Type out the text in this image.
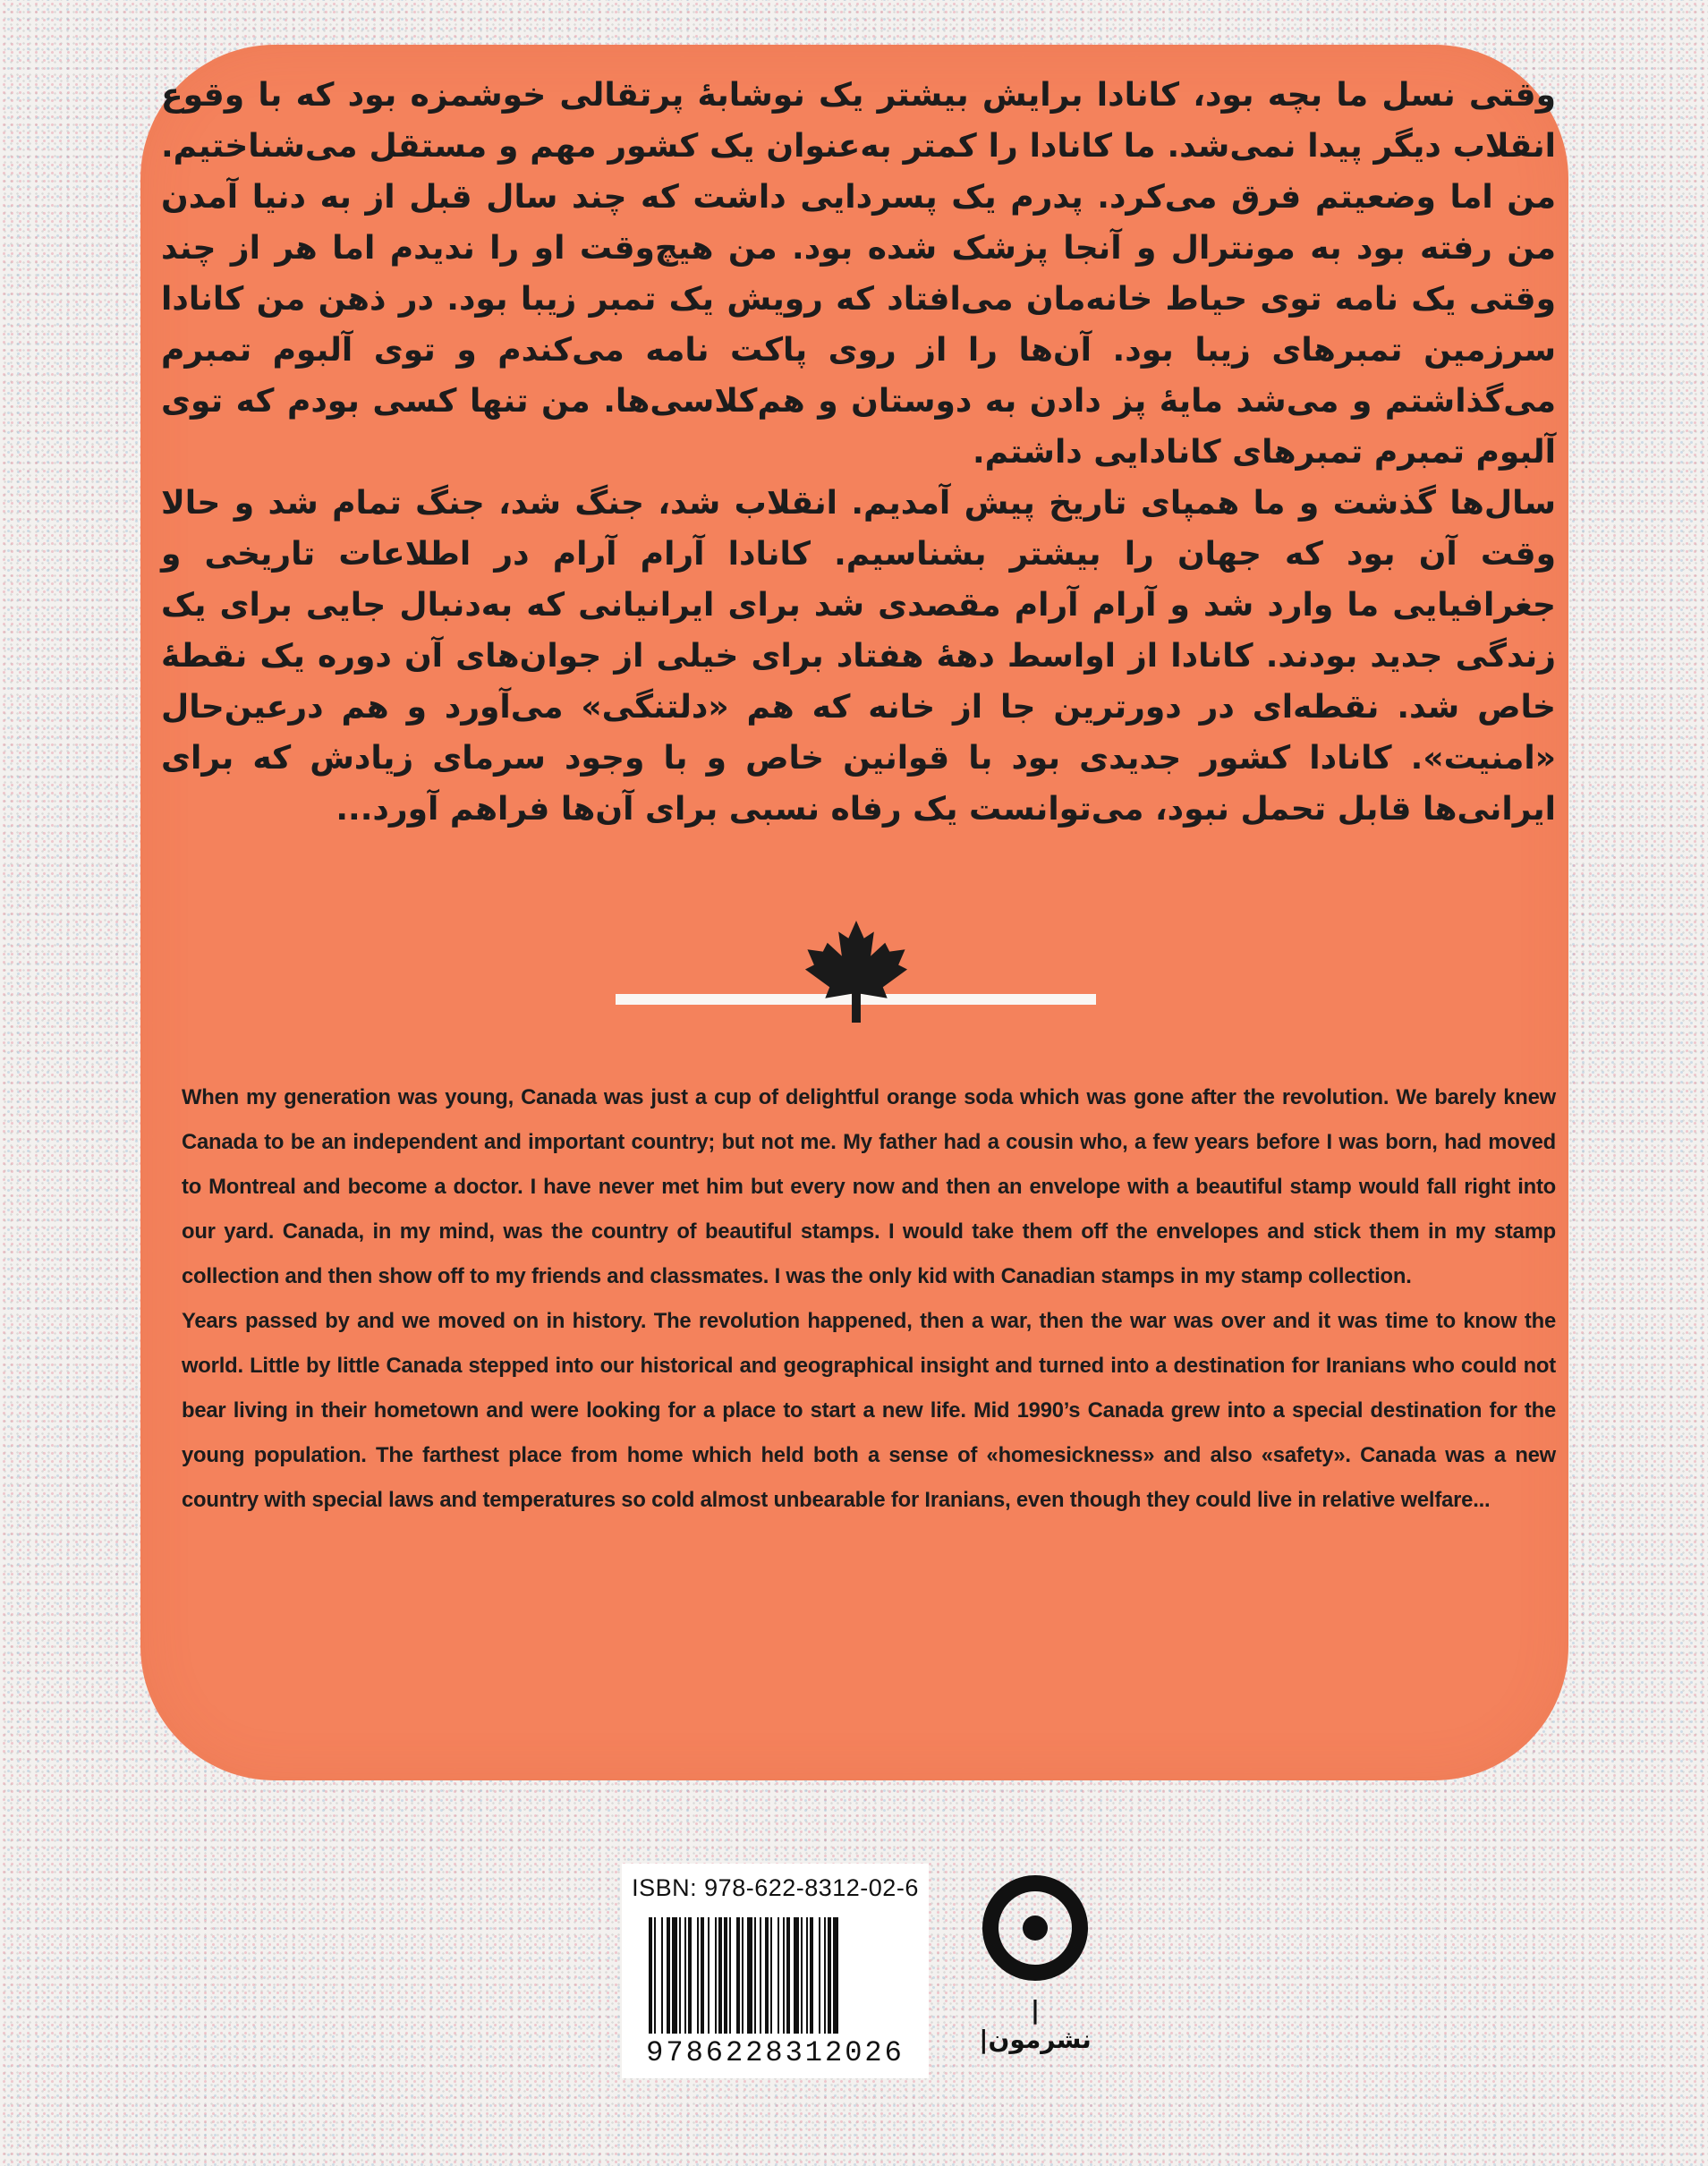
وقتی نسل ما بچه بود، کانادا برایش بیشتر یک نوشابهٔ پرتقالی خوشمزه بود که با وقوع انقلاب دیگر پیدا نمی‌شد. ما کانادا را کمتر به‌عنوان یک کشور مهم و مستقل می‌شناختیم. من اما وضعیتم فرق می‌کرد. پدرم یک پسردایی داشت که چند سال قبل از به دنیا آمدن من رفته بود به مونترال و آنجا پزشک شده بود. من هیچ‌وقت او را ندیدم اما هر از چند وقتی یک نامه توی حیاط خانه‌مان می‌افتاد که رویش یک تمبر زیبا بود. در ذهن من کانادا سرزمین تمبرهای زیبا بود. آن‌ها را از روی پاکت نامه می‌کندم و توی آلبوم تمبرم می‌گذاشتم و می‌شد مایهٔ پز دادن به دوستان و هم‌کلاسی‌ها. من تنها کسی بودم که توی آلبوم تمبرم تمبرهای کانادایی داشتم.

سال‌ها گذشت و ما همپای تاریخ پیش آمدیم. انقلاب شد، جنگ شد، جنگ تمام شد و حالا وقت آن بود که جهان را بیشتر بشناسیم. کانادا آرام آرام در اطلاعات تاریخی و جغرافیایی ما وارد شد و آرام آرام مقصدی شد برای ایرانیانی که به‌دنبال جایی برای یک زندگی جدید بودند. کانادا از اواسط دههٔ هفتاد برای خیلی از جوان‌های آن دوره یک نقطهٔ خاص شد. نقطه‌ای در دورترین جا از خانه که هم «دلتنگی» می‌آورد و هم درعین‌حال «امنیت». کانادا کشور جدیدی بود با قوانین خاص و با وجود سرمای زیادش که برای ایرانی‌ها قابل تحمل نبود، می‌توانست یک رفاه نسبی برای آن‌ها فراهم آورد...

When my generation was young, Canada was just a cup of delightful orange soda which was gone after the revolution. We barely knew Canada to be an independent and important country; but not me. My father had a cousin who, a few years before I was born, had moved to Montreal and become a doctor. I have never met him but every now and then an envelope with a beautiful stamp would fall right into our yard. Canada, in my mind, was the country of beautiful stamps. I would take them off the envelopes and stick them in my stamp collection and then show off to my friends and classmates. I was the only kid with Canadian stamps in my stamp collection.

Years passed by and we moved on in history. The revolution happened, then a war, then the war was over and it was time to know the world. Little by little Canada stepped into our historical and geographical insight and turned into a destination for Iranians who could not bear living in their hometown and were looking for a place to start a new life. Mid 1990’s Canada grew into a special destination for the young population. The farthest place from home which held both a sense of «homesickness» and also «safety». Canada was a new country with special laws and temperatures so cold almost unbearable for Iranians, even though they could live in relative welfare...

ISBN: 978-622-8312-02-6
9786228312026
|نشرمون|
